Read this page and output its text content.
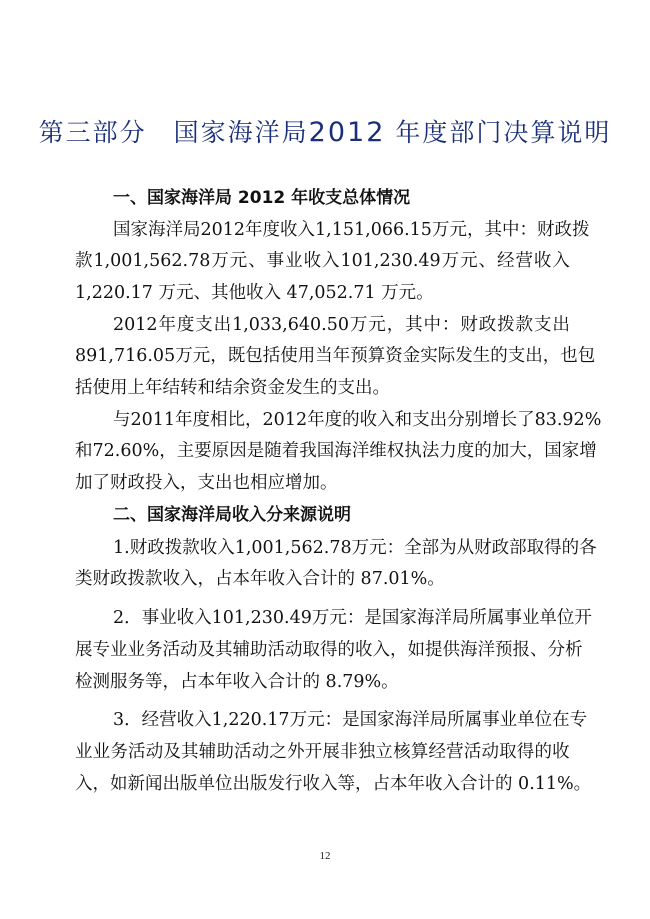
第三部分　 国家海洋局2012 年度部门决算说明
一、国家海洋局 2012 年收支总体情况
国 家 海 洋 局 2012 年 度 收 入 1,151,066.15 万 元 ， 其 中 ： 财 政 拨
款 1,001,562.78 万 元 、 事 业 收 入 101,230.49 万 元 、 经 营 收 入
1,220.17 万元、其他收入 47,052.71 万元。
2012 年 度 支 出 1,033,640.50 万 元 ， 其 中 ： 财 政 拨 款 支 出
891,716.05 万 元 ， 既 包 括 使 用 当 年 预 算 资 金 实 际 发 生 的 支 出 ， 也 包
括使用上年结转和结余资金发生的支出。
与 2011 年 度 相 比 ， 2012 年 度 的 收 入 和 支 出 分 别 增 长 了 83.92%
和 72.60% ， 主 要 原 因 是 随 着 我 国 海 洋 维 权 执 法 力 度 的 加 大 ， 国 家 增
加了财政投入，支出也相应增加。
二、国家海洋局收入分来源说明
1. 财 政 拨 款 收 入 1,001,562.78 万 元 ： 全 部 为 从 财 政 部 取 得 的 各
类财政拨款收入，占本年收入合计的 87.01%。
2 ． 事 业 收 入 101,230.49 万 元 ： 是 国 家 海 洋 局 所 属 事 业 单 位 开
展 专 业 业 务 活 动 及 其 辅 助 活 动 取 得 的 收 入 ， 如 提 供 海 洋 预 报 、 分 析
检测服务等，占本年收入合计的 8.79%。
3 ． 经 营 收 入 1,220.17 万 元 ： 是 国 家 海 洋 局 所 属 事 业 单 位 在 专
业 业 务 活 动 及 其 辅 助 活 动 之 外 开 展 非 独 立 核 算 经 营 活 动 取 得 的 收
入，如新闻出版单位出版发行收入等，占本年收入合计的 0.11%。
12
